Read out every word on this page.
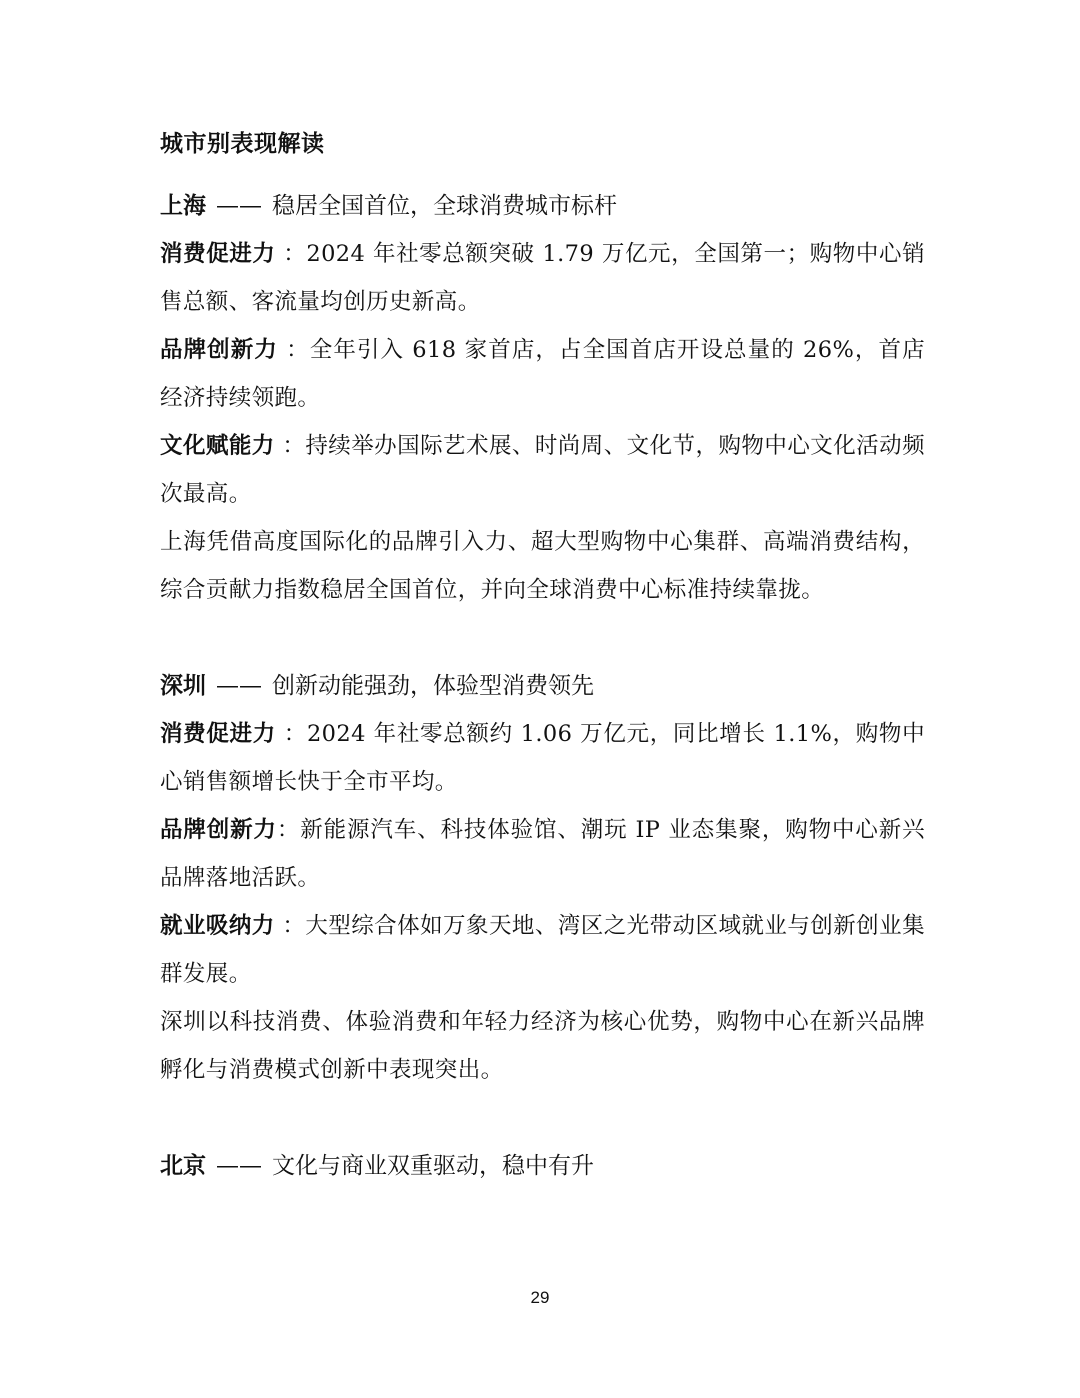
城市别表现解读

上海 —— 稳居全国首位，全球消费城市标杆

消费促进力 ：2024 年社零总额突破 1.79 万亿元，全国第一；购物中心销售总额、客流量均创历史新高。

品牌创新力 ：全年引入 618 家首店，占全国首店开设总量的 26%，首店经济持续领跑。

文化赋能力 ：持续举办国际艺术展、时尚周、文化节，购物中心文化活动频次最高。

上海凭借高度国际化的品牌引入力、超大型购物中心集群、高端消费结构，综合贡献力指数稳居全国首位，并向全球消费中心标准持续靠拢。

深圳 —— 创新动能强劲，体验型消费领先

消费促进力 ：2024 年社零总额约 1.06 万亿元，同比增长 1.1%，购物中心销售额增长快于全市平均。

品牌创新力：新能源汽车、科技体验馆、潮玩 IP 业态集聚，购物中心新兴品牌落地活跃。

就业吸纳力 ：大型综合体如万象天地、湾区之光带动区域就业与创新创业集群发展。

深圳以科技消费、体验消费和年轻力经济为核心优势，购物中心在新兴品牌孵化与消费模式创新中表现突出。

北京 —— 文化与商业双重驱动，稳中有升

29
